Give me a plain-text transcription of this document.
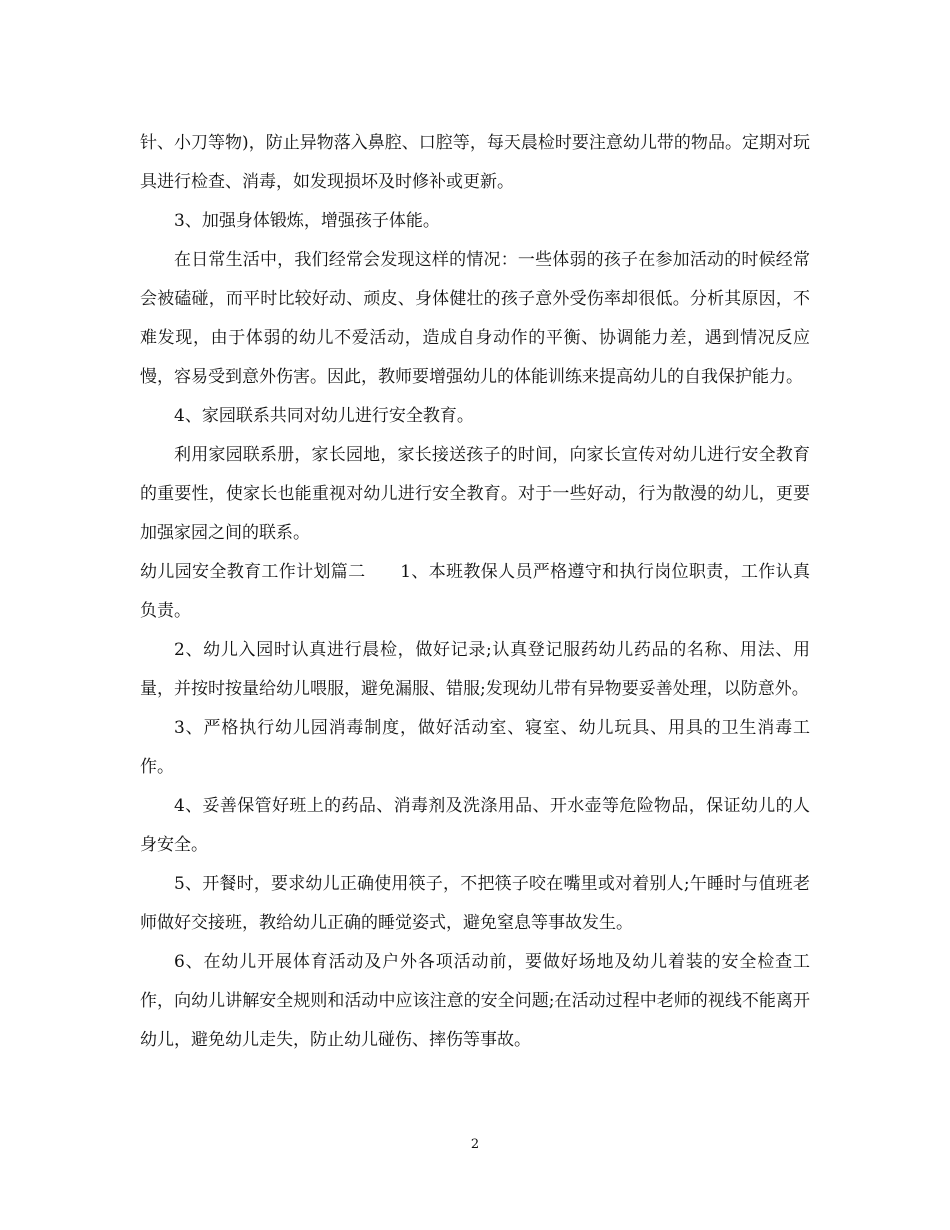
针、小刀等物)，防止异物落入鼻腔、口腔等，每天晨检时要注意幼儿带的物品。定期对玩具进行检查、消毒，如发现损坏及时修补或更新。

3、加强身体锻炼，增强孩子体能。

在日常生活中，我们经常会发现这样的情况：一些体弱的孩子在参加活动的时候经常会被磕碰，而平时比较好动、顽皮、身体健壮的孩子意外受伤率却很低。分析其原因，不难发现，由于体弱的幼儿不爱活动，造成自身动作的平衡、协调能力差，遇到情况反应慢，容易受到意外伤害。因此，教师要增强幼儿的体能训练来提高幼儿的自我保护能力。

4、家园联系共同对幼儿进行安全教育。

利用家园联系册，家长园地，家长接送孩子的时间，向家长宣传对幼儿进行安全教育的重要性，使家长也能重视对幼儿进行安全教育。对于一些好动，行为散漫的幼儿，更要加强家园之间的联系。

幼儿园安全教育工作计划篇二　　1、本班教保人员严格遵守和执行岗位职责，工作认真负责。

2、幼儿入园时认真进行晨检，做好记录;认真登记服药幼儿药品的名称、用法、用量，并按时按量给幼儿喂服，避免漏服、错服;发现幼儿带有异物要妥善处理，以防意外。

3、严格执行幼儿园消毒制度，做好活动室、寝室、幼儿玩具、用具的卫生消毒工作。

4、妥善保管好班上的药品、消毒剂及洗涤用品、开水壶等危险物品，保证幼儿的人身安全。

5、开餐时，要求幼儿正确使用筷子，不把筷子咬在嘴里或对着别人;午睡时与值班老师做好交接班，教给幼儿正确的睡觉姿式，避免窒息等事故发生。

6、在幼儿开展体育活动及户外各项活动前，要做好场地及幼儿着装的安全检查工作，向幼儿讲解安全规则和活动中应该注意的安全问题;在活动过程中老师的视线不能离开幼儿，避免幼儿走失，防止幼儿碰伤、摔伤等事故。

2
